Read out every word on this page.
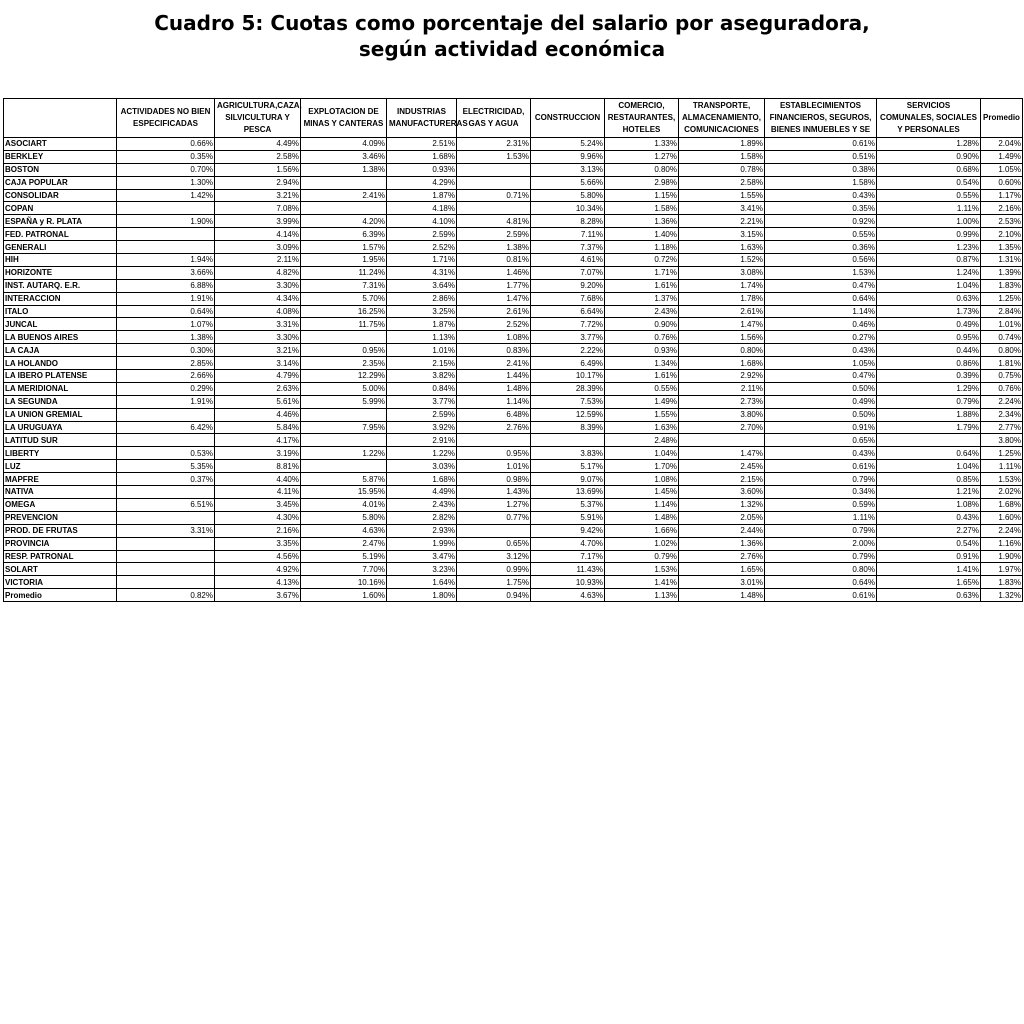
Cuadro 5: Cuotas como porcentaje del salario por aseguradora,
según actividad económica
	ACTIVIDADES NO BIEN ESPECIFICADAS	AGRICULTURA,CAZA, SILVICULTURA Y PESCA	EXPLOTACION DE MINAS Y CANTERAS	INDUSTRIAS MANUFACTURERAS	ELECTRICIDAD, GAS Y AGUA	CONSTRUCCION	COMERCIO, RESTAURANTES, HOTELES	TRANSPORTE, ALMACENAMIENTO, COMUNICACIONES	ESTABLECIMIENTOS FINANCIEROS, SEGUROS, BIENES INMUEBLES Y SE	SERVICIOS COMUNALES, SOCIALES Y PERSONALES	Promedio
ASOCIART	0.66%	4.49%	4.09%	2.51%	2.31%	5.24%	1.33%	1.89%	0.61%	1.28%	2.04%
BERKLEY	0.35%	2.58%	3.46%	1.68%	1.53%	9.96%	1.27%	1.58%	0.51%	0.90%	1.49%
BOSTON	0.70%	1.56%	1.38%	0.93%		3.13%	0.80%	0.78%	0.38%	0.68%	1.05%
CAJA POPULAR	1.30%	2.94%		4.29%		5.66%	2.98%	2.58%	1.58%	0.54%	0.60%
CONSOLIDAR	1.42%	3.21%	2.41%	1.87%	0.71%	5.80%	1.15%	1.55%	0.43%	0.55%	1.17%
COPAN		7.08%		4.18%		10.34%	1.58%	3.41%	0.35%	1.11%	2.16%
ESPAÑA y R. PLATA	1.90%	3.99%	4.20%	4.10%	4.81%	8.28%	1.36%	2.21%	0.92%	1.00%	2.53%
FED. PATRONAL		4.14%	6.39%	2.59%	2.59%	7.11%	1.40%	3.15%	0.55%	0.99%	2.10%
GENERALI		3.09%	1.57%	2.52%	1.38%	7.37%	1.18%	1.63%	0.36%	1.23%	1.35%
HIH	1.94%	2.11%	1.95%	1.71%	0.81%	4.61%	0.72%	1.52%	0.56%	0.87%	1.31%
HORIZONTE	3.66%	4.82%	11.24%	4.31%	1.46%	7.07%	1.71%	3.08%	1.53%	1.24%	1.39%
INST. AUTARQ. E.R.	6.88%	3.30%	7.31%	3.64%	1.77%	9.20%	1.61%	1.74%	0.47%	1.04%	1.83%
INTERACCION	1.91%	4.34%	5.70%	2.86%	1.47%	7.68%	1.37%	1.78%	0.64%	0.63%	1.25%
ITALO	0.64%	4.08%	16.25%	3.25%	2.61%	6.64%	2.43%	2.61%	1.14%	1.73%	2.84%
JUNCAL	1.07%	3.31%	11.75%	1.87%	2.52%	7.72%	0.90%	1.47%	0.46%	0.49%	1.01%
LA BUENOS AIRES	1.38%	3.30%		1.13%	1.08%	3.77%	0.76%	1.56%	0.27%	0.95%	0.74%
LA CAJA	0.30%	3.21%	0.95%	1.01%	0.83%	2.22%	0.93%	0.80%	0.43%	0.44%	0.80%
LA HOLANDO	2.85%	3.14%	2.35%	2.15%	2.41%	6.49%	1.34%	1.68%	1.05%	0.86%	1.81%
LA IBERO PLATENSE	2.66%	4.79%	12.29%	3.82%	1.44%	10.17%	1.61%	2.92%	0.47%	0.39%	0.75%
LA MERIDIONAL	0.29%	2.63%	5.00%	0.84%	1.48%	28.39%	0.55%	2.11%	0.50%	1.29%	0.76%
LA SEGUNDA	1.91%	5.61%	5.99%	3.77%	1.14%	7.53%	1.49%	2.73%	0.49%	0.79%	2.24%
LA UNION GREMIAL		4.46%		2.59%	6.48%	12.59%	1.55%	3.80%	0.50%	1.88%	2.34%
LA URUGUAYA	6.42%	5.84%	7.95%	3.92%	2.76%	8.39%	1.63%	2.70%	0.91%	1.79%	2.77%
LATITUD SUR		4.17%		2.91%			2.48%		0.65%		3.80%
LIBERTY	0.53%	3.19%	1.22%	1.22%	0.95%	3.83%	1.04%	1.47%	0.43%	0.64%	1.25%
LUZ	5.35%	8.81%		3.03%	1.01%	5.17%	1.70%	2.45%	0.61%	1.04%	1.11%
MAPFRE	0.37%	4.40%	5.87%	1.68%	0.98%	9.07%	1.08%	2.15%	0.79%	0.85%	1.53%
NATIVA		4.11%	15.95%	4.49%	1.43%	13.69%	1.45%	3.60%	0.34%	1.21%	2.02%
OMEGA	6.51%	3.45%	4.01%	2.43%	1.27%	5.37%	1.14%	1.32%	0.59%	1.08%	1.68%
PREVENCION		4.30%	5.80%	2.82%	0.77%	5.91%	1.48%	2.05%	1.11%	0.43%	1.60%
PROD. DE FRUTAS	3.31%	2.16%	4.63%	2.93%		9.42%	1.66%	2.44%	0.79%	2.27%	2.24%
PROVINCIA		3.35%	2.47%	1.99%	0.65%	4.70%	1.02%	1.36%	2.00%	0.54%	1.16%
RESP. PATRONAL		4.56%	5.19%	3.47%	3.12%	7.17%	0.79%	2.76%	0.79%	0.91%	1.90%
SOLART		4.92%	7.70%	3.23%	0.99%	11.43%	1.53%	1.65%	0.80%	1.41%	1.97%
VICTORIA		4.13%	10.16%	1.64%	1.75%	10.93%	1.41%	3.01%	0.64%	1.65%	1.83%
Promedio	0.82%	3.67%	1.60%	1.80%	0.94%	4.63%	1.13%	1.48%	0.61%	0.63%	1.32%
